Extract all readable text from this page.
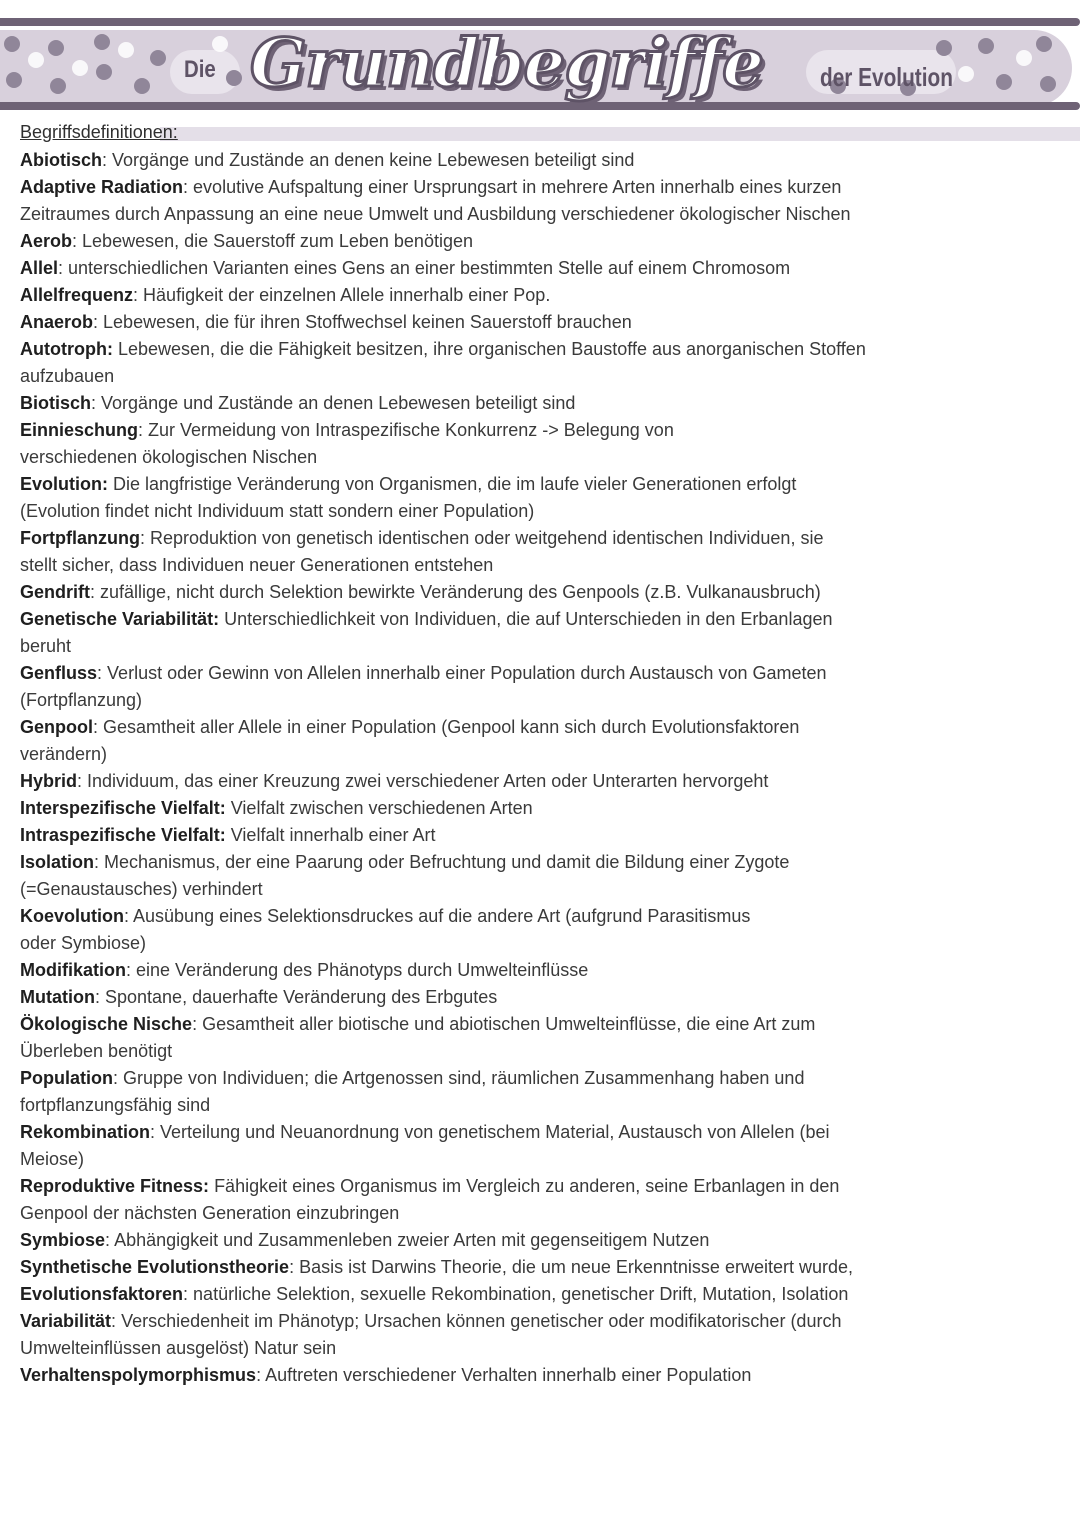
Die Grundbegriffe der Evolution
Begriffsdefinitionen:
Abiotisch: Vorgänge und Zustände an denen keine Lebewesen beteiligt sind
Adaptive Radiation: evolutive Aufspaltung einer Ursprungsart in mehrere Arten innerhalb eines kurzen
Zeitraumes durch Anpassung an eine neue Umwelt und Ausbildung verschiedener ökologischer Nischen
Aerob: Lebewesen, die Sauerstoff zum Leben benötigen
Allel: unterschiedlichen Varianten eines Gens an einer bestimmten Stelle auf einem Chromosom
Allelfrequenz: Häufigkeit der einzelnen Allele innerhalb einer Pop.
Anaerob: Lebewesen, die für ihren Stoffwechsel keinen Sauerstoff brauchen
Autotroph: Lebewesen, die die Fähigkeit besitzen, ihre organischen Baustoffe aus anorganischen Stoffen
aufzubauen
Biotisch: Vorgänge und Zustände an denen Lebewesen beteiligt sind
Einnieschung: Zur Vermeidung von Intraspezifische Konkurrenz -> Belegung von
verschiedenen ökologischen Nischen
Evolution: Die langfristige Veränderung von Organismen, die im laufe vieler Generationen erfolgt
(Evolution findet nicht Individuum statt sondern einer Population)
Fortpflanzung: Reproduktion von genetisch identischen oder weitgehend identischen Individuen, sie
stellt sicher, dass Individuen neuer Generationen entstehen
Gendrift: zufällige, nicht durch Selektion bewirkte Veränderung des Genpools (z.B. Vulkanausbruch)
Genetische Variabilität: Unterschiedlichkeit von Individuen, die auf Unterschieden in den Erbanlagen
beruht
Genfluss: Verlust oder Gewinn von Allelen innerhalb einer Population durch Austausch von Gameten
(Fortpflanzung)
Genpool: Gesamtheit aller Allele in einer Population (Genpool kann sich durch Evolutionsfaktoren
verändern)
Hybrid: Individuum, das einer Kreuzung zwei verschiedener Arten oder Unterarten hervorgeht
Interspezifische Vielfalt: Vielfalt zwischen verschiedenen Arten
Intraspezifische Vielfalt: Vielfalt innerhalb einer Art
Isolation: Mechanismus, der eine Paarung oder Befruchtung und damit die Bildung einer Zygote
(=Genaustausches) verhindert
Koevolution: Ausübung eines Selektionsdruckes auf die andere Art (aufgrund Parasitismus
oder Symbiose)
Modifikation: eine Veränderung des Phänotyps durch Umwelteinflüsse
Mutation: Spontane, dauerhafte Veränderung des Erbgutes
Ökologische Nische: Gesamtheit aller biotische und abiotischen Umwelteinflüsse, die eine Art zum
Überleben benötigt
Population: Gruppe von Individuen; die Artgenossen sind, räumlichen Zusammenhang haben und
fortpflanzungsfähig sind
Rekombination: Verteilung und Neuanordnung von genetischem Material, Austausch von Allelen (bei
Meiose)
Reproduktive Fitness: Fähigkeit eines Organismus im Vergleich zu anderen, seine Erbanlagen in den
Genpool der nächsten Generation einzubringen
Symbiose: Abhängigkeit und Zusammenleben zweier Arten mit gegenseitigem Nutzen
Synthetische Evolutionstheorie: Basis ist Darwins Theorie, die um neue Erkenntnisse erweitert wurde,
Evolutionsfaktoren: natürliche Selektion, sexuelle Rekombination, genetischer Drift, Mutation, Isolation
Variabilität: Verschiedenheit im Phänotyp; Ursachen können genetischer oder modifikatorischer (durch
Umwelteinflüssen ausgelöst) Natur sein
Verhaltenspolymorphismus: Auftreten verschiedener Verhalten innerhalb einer Population
